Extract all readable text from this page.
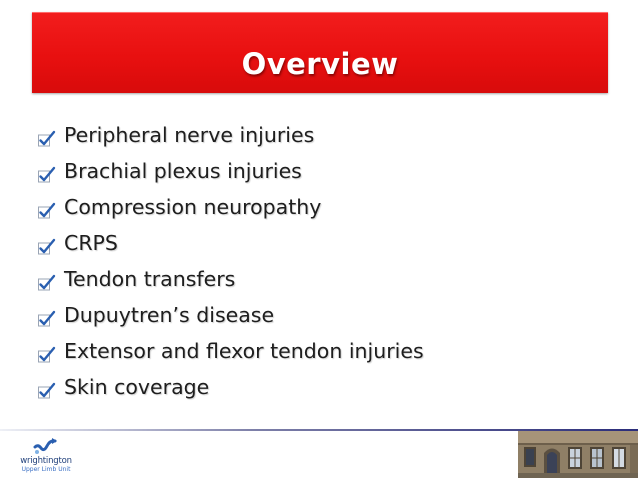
Overview
Peripheral nerve injuries
Brachial plexus injuries
Compression neuropathy
CRPS
Tendon transfers
Dupuytren’s disease
Extensor and flexor tendon injuries
Skin coverage
wrightington
Upper Limb Unit
